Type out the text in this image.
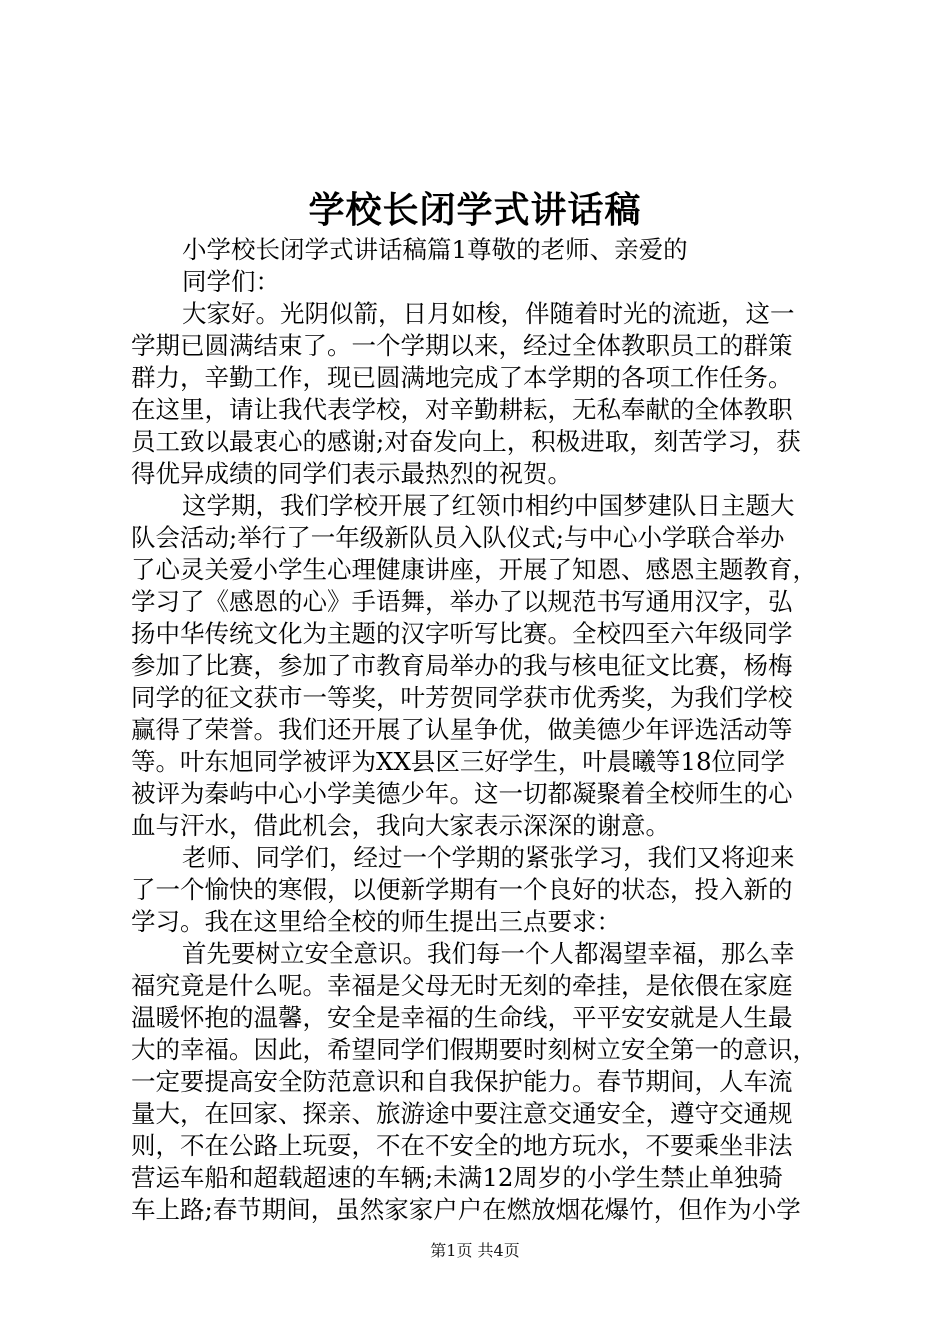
学校长闭学式讲话稿
小学校长闭学式讲话稿篇1尊敬的老师、亲爱的
同学们：
大家好。光阴似箭，日月如梭，伴随着时光的流逝，这一
学期已圆满结束了。一个学期以来，经过全体教职员工的群策
群力，辛勤工作，现已圆满地完成了本学期的各项工作任务。
在这里，请让我代表学校，对辛勤耕耘，无私奉献的全体教职
员工致以最衷心的感谢;对奋发向上，积极进取，刻苦学习，获
得优异成绩的同学们表示最热烈的祝贺。
这学期，我们学校开展了红领巾相约中国梦建队日主题大
队会活动;举行了一年级新队员入队仪式;与中心小学联合举办
了心灵关爱小学生心理健康讲座，开展了知恩、感恩主题教育，
学习了《感恩的心》手语舞，举办了以规范书写通用汉字，弘
扬中华传统文化为主题的汉字听写比赛。全校四至六年级同学
参加了比赛，参加了市教育局举办的我与核电征文比赛，杨梅
同学的征文获市一等奖，叶芳贺同学获市优秀奖，为我们学校
赢得了荣誉。我们还开展了认星争优，做美德少年评选活动等
等。叶东旭同学被评为XX县区三好学生，叶晨曦等18位同学
被评为秦屿中心小学美德少年。这一切都凝聚着全校师生的心
血与汗水，借此机会，我向大家表示深深的谢意。
老师、同学们，经过一个学期的紧张学习，我们又将迎来
了一个愉快的寒假，以便新学期有一个良好的状态，投入新的
学习。我在这里给全校的师生提出三点要求：
首先要树立安全意识。我们每一个人都渴望幸福，那么幸
福究竟是什么呢。幸福是父母无时无刻的牵挂，是依偎在家庭
温暖怀抱的温馨，安全是幸福的生命线，平平安安就是人生最
大的幸福。因此，希望同学们假期要时刻树立安全第一的意识，
一定要提高安全防范意识和自我保护能力。春节期间，人车流
量大，在回家、探亲、旅游途中要注意交通安全，遵守交通规
则，不在公路上玩耍，不在不安全的地方玩水，不要乘坐非法
营运车船和超载超速的车辆;未满12周岁的小学生禁止单独骑
车上路;春节期间，虽然家家户户在燃放烟花爆竹，但作为小学
第1页 共4页
